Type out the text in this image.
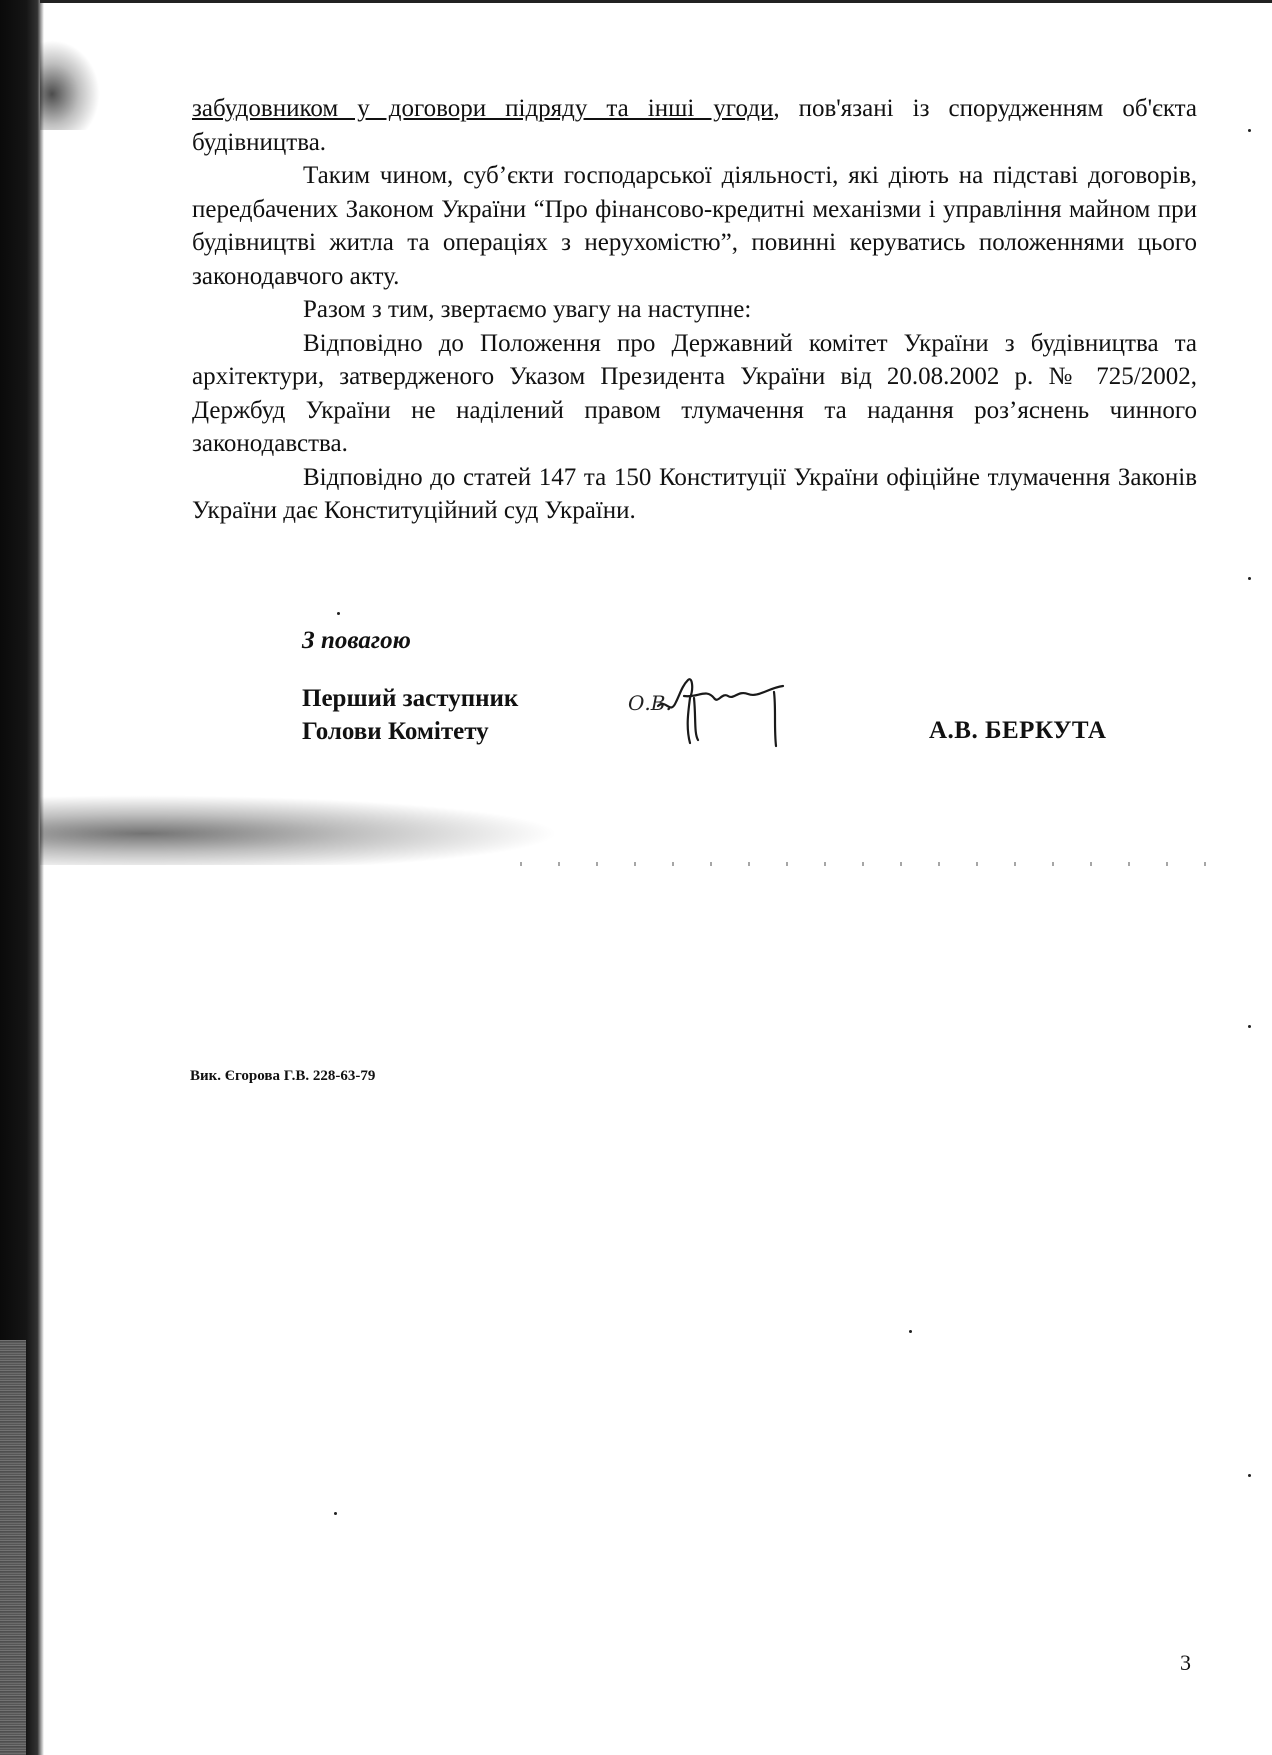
забудовником у договори підряду та інші угоди, пов'язані із спорудженням об'єкта будівництва.

Таким чином, суб’єкти господарської діяльності, які діють на підставі договорів, передбачених Законом України “Про фінансово-кредитні механізми і управління майном при будівництві житла та операціях з нерухомістю”, повинні керуватись положеннями цього законодавчого акту.

Разом з тим, звертаємо увагу на наступне:

Відповідно до Положення про Державний комітет України з будівництва та архітектури, затвердженого Указом Президента України від 20.08.2002 р. № 725/2002, Держбуд України не наділений правом тлумачення та надання роз’яснень чинного законодавства.

Відповідно до статей 147 та 150 Конституції України офіційне тлумачення Законів України дає Конституційний суд України.

З повагою
Перший заступник
Голови Комітету
О.В.
А.В. БЕРКУТА
Вик. Єгорова Г.В. 228-63-79
3
